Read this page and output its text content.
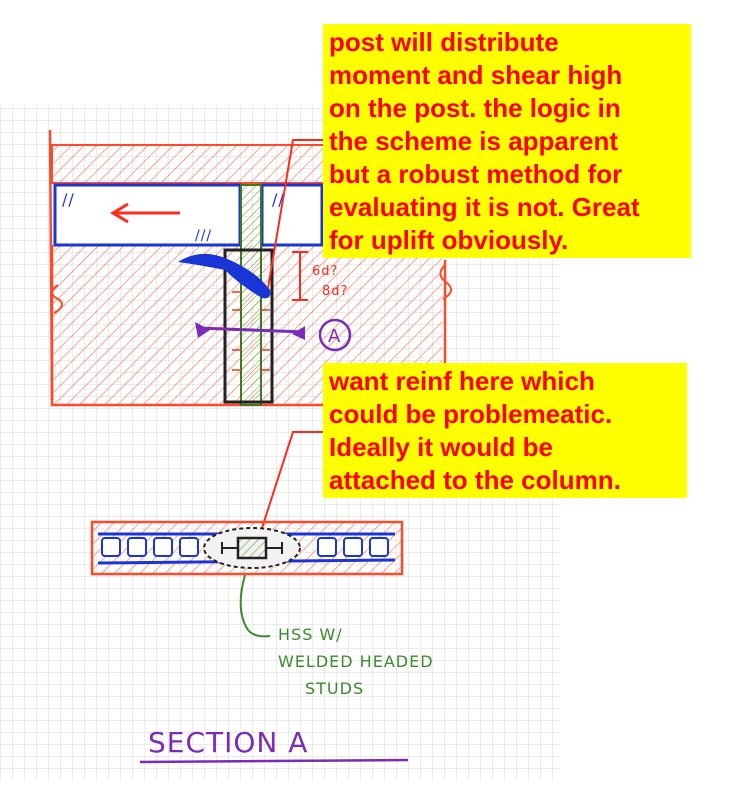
//
///
//
6d?
8d?
A
HSS W/
WELDED HEADED
STUDS
SECTION A
post will distribute
moment and shear high
on the post. the logic in
the scheme is apparent
but a robust method for
evaluating it is not. Great
for uplift obviously.
want reinf here which
could be problemeatic.
Ideally it would be
attached to the column.
